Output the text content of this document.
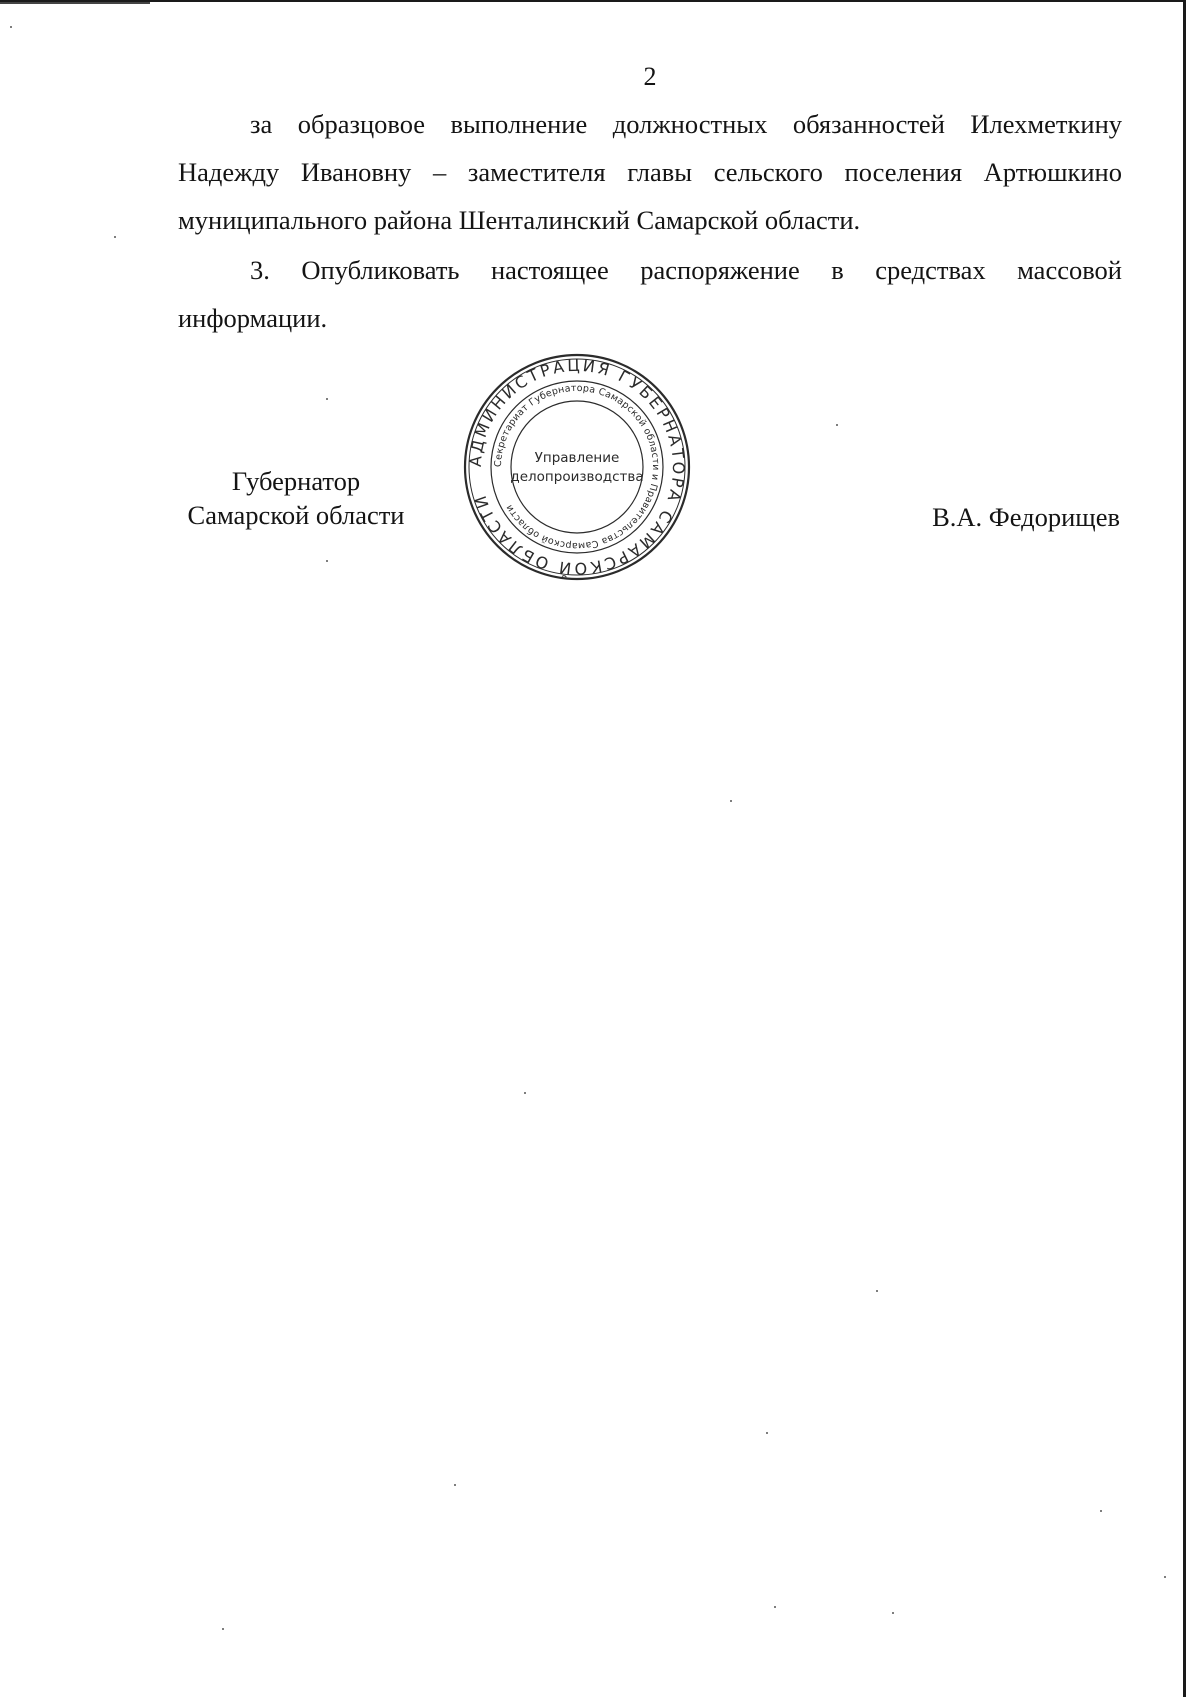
2
за образцовое выполнение должностных обязанностей Илехметкину
Надежду Ивановну – заместителя главы сельского поселения Артюшкино
муниципального района Шенталинский Самарской области.
3. Опубликовать настоящее распоряжение в средствах массовой
информации.
Губернатор
Самарской области
АДМИНИСТРАЦИЯ ГУБЕРНАТОРА САМАРСКОЙ ОБЛАСТИ
Секретариат Губернатора Самарской области и Правительства Самарской области
Управление
делопроизводства
В.А. Федорищев
